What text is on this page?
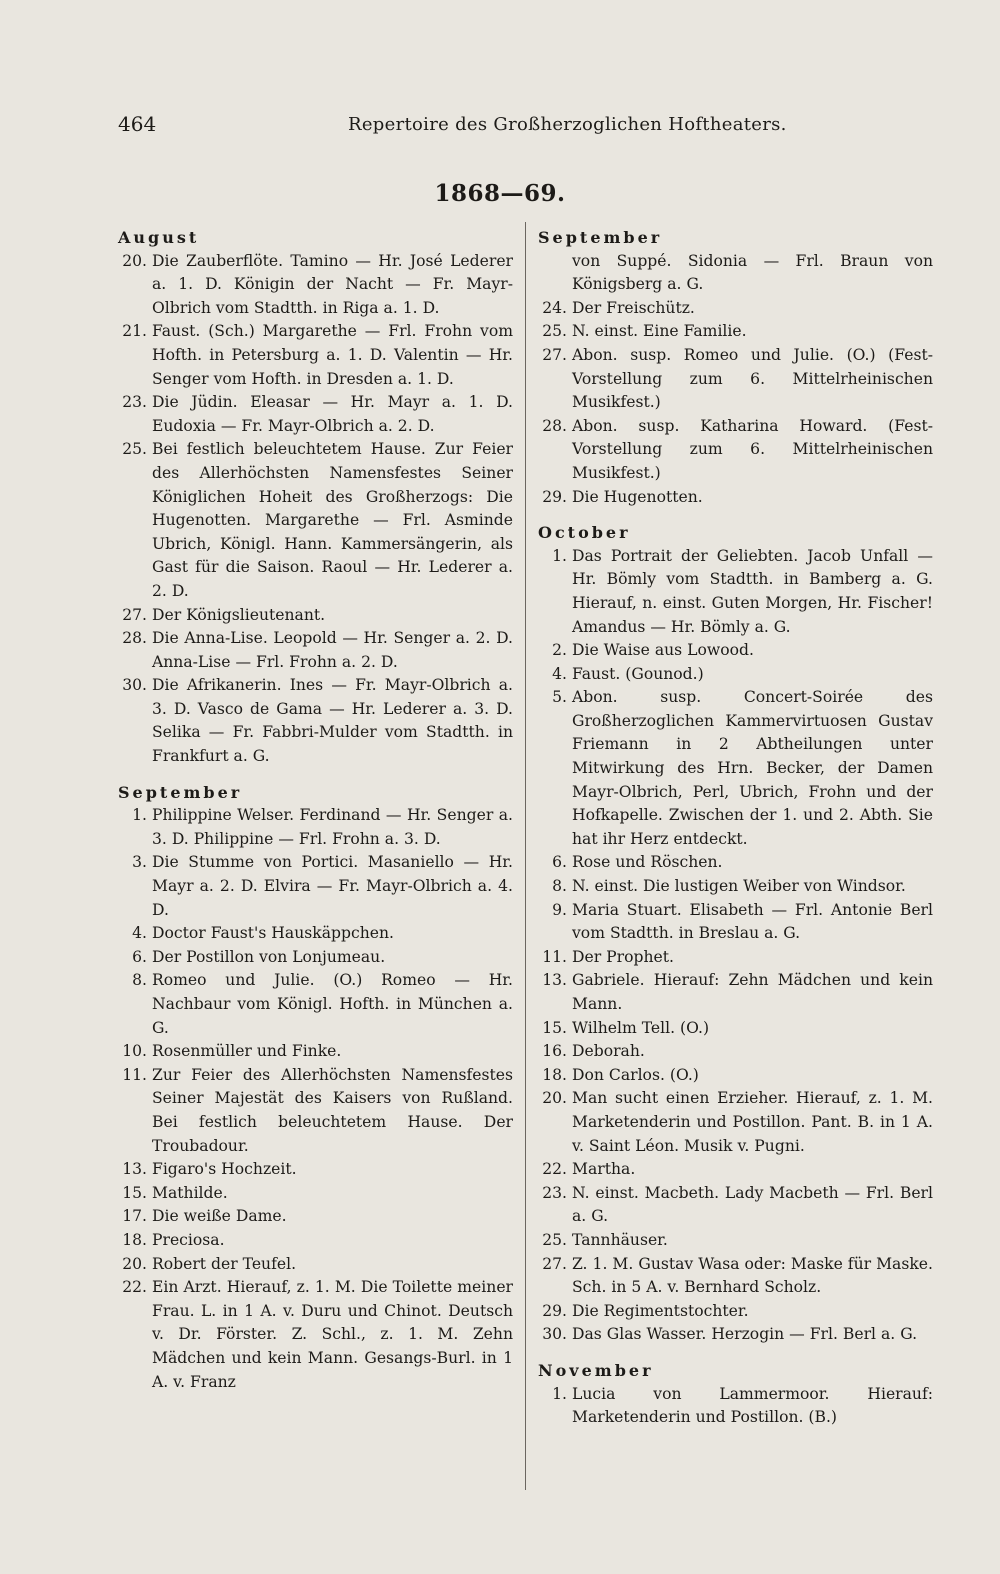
464	Repertoire des Großherzoglichen Hoftheaters.
1868—69.
August
20. Die Zauberflöte. Tamino — Hr. José Lederer a. 1. D. Königin der Nacht — Fr. Mayr-Olbrich vom Stadtth. in Riga a. 1. D.
21. Faust. (Sch.) Margarethe — Frl. Frohn vom Hofth. in Petersburg a. 1. D. Valentin — Hr. Senger vom Hofth. in Dresden a. 1. D.
23. Die Jüdin. Eleasar — Hr. Mayr a. 1. D. Eudoxia — Fr. Mayr-Olbrich a. 2. D.
25. Bei festlich beleuchtetem Hause. Zur Feier des Allerhöchsten Namensfestes Seiner Königlichen Hoheit des Großherzogs: Die Hugenotten. Margarethe — Frl. Asminde Ubrich, Königl. Hann. Kammersängerin, als Gast für die Saison. Raoul — Hr. Lederer a. 2. D.
27. Der Königslieutenant.
28. Die Anna-Lise. Leopold — Hr. Senger a. 2. D. Anna-Lise — Frl. Frohn a. 2. D.
30. Die Afrikanerin. Ines — Fr. Mayr-Olbrich a. 3. D. Vasco de Gama — Hr. Lederer a. 3. D. Selika — Fr. Fabbri-Mulder vom Stadtth. in Frankfurt a. G.
September
1. Philippine Welser. Ferdinand — Hr. Senger a. 3. D. Philippine — Frl. Frohn a. 3. D.
3. Die Stumme von Portici. Masaniello — Hr. Mayr a. 2. D. Elvira — Fr. Mayr-Olbrich a. 4. D.
4. Doctor Faust's Hauskäppchen.
6. Der Postillon von Lonjumeau.
8. Romeo und Julie. (O.) Romeo — Hr. Nachbaur vom Königl. Hofth. in München a. G.
10. Rosenmüller und Finke.
11. Zur Feier des Allerhöchsten Namensfestes Seiner Majestät des Kaisers von Rußland. Bei festlich beleuchtetem Hause. Der Troubadour.
13. Figaro's Hochzeit.
15. Mathilde.
17. Die weiße Dame.
18. Preciosa.
20. Robert der Teufel.
22. Ein Arzt. Hierauf, z. 1. M. Die Toilette meiner Frau. L. in 1 A. v. Duru und Chinot. Deutsch v. Dr. Förster. Z. Schl., z. 1. M. Zehn Mädchen und kein Mann. Gesangs-Burl. in 1 A. v. Franz
September
von Suppé. Sidonia — Frl. Braun von Königsberg a. G.
24. Der Freischütz.
25. N. einst. Eine Familie.
27. Abon. susp. Romeo und Julie. (O.) (Fest-Vorstellung zum 6. Mittelrheinischen Musikfest.)
28. Abon. susp. Katharina Howard. (Fest-Vorstellung zum 6. Mittelrheinischen Musikfest.)
29. Die Hugenotten.
October
1. Das Portrait der Geliebten. Jacob Unfall — Hr. Bömly vom Stadtth. in Bamberg a. G. Hierauf, n. einst. Guten Morgen, Hr. Fischer! Amandus — Hr. Bömly a. G.
2. Die Waise aus Lowood.
4. Faust. (Gounod.)
5. Abon. susp. Concert-Soirée des Großherzoglichen Kammervirtuosen Gustav Friemann in 2 Abtheilungen unter Mitwirkung des Hrn. Becker, der Damen Mayr-Olbrich, Perl, Ubrich, Frohn und der Hofkapelle. Zwischen der 1. und 2. Abth. Sie hat ihr Herz entdeckt.
6. Rose und Röschen.
8. N. einst. Die lustigen Weiber von Windsor.
9. Maria Stuart. Elisabeth — Frl. Antonie Berl vom Stadtth. in Breslau a. G.
11. Der Prophet.
13. Gabriele. Hierauf: Zehn Mädchen und kein Mann.
15. Wilhelm Tell. (O.)
16. Deborah.
18. Don Carlos. (O.)
20. Man sucht einen Erzieher. Hierauf, z. 1. M. Marketenderin und Postillon. Pant. B. in 1 A. v. Saint Léon. Musik v. Pugni.
22. Martha.
23. N. einst. Macbeth. Lady Macbeth — Frl. Berl a. G.
25. Tannhäuser.
27. Z. 1. M. Gustav Wasa oder: Maske für Maske. Sch. in 5 A. v. Bernhard Scholz.
29. Die Regimentstochter.
30. Das Glas Wasser. Herzogin — Frl. Berl a. G.
November
1. Lucia von Lammermoor. Hierauf: Marketenderin und Postillon. (B.)
